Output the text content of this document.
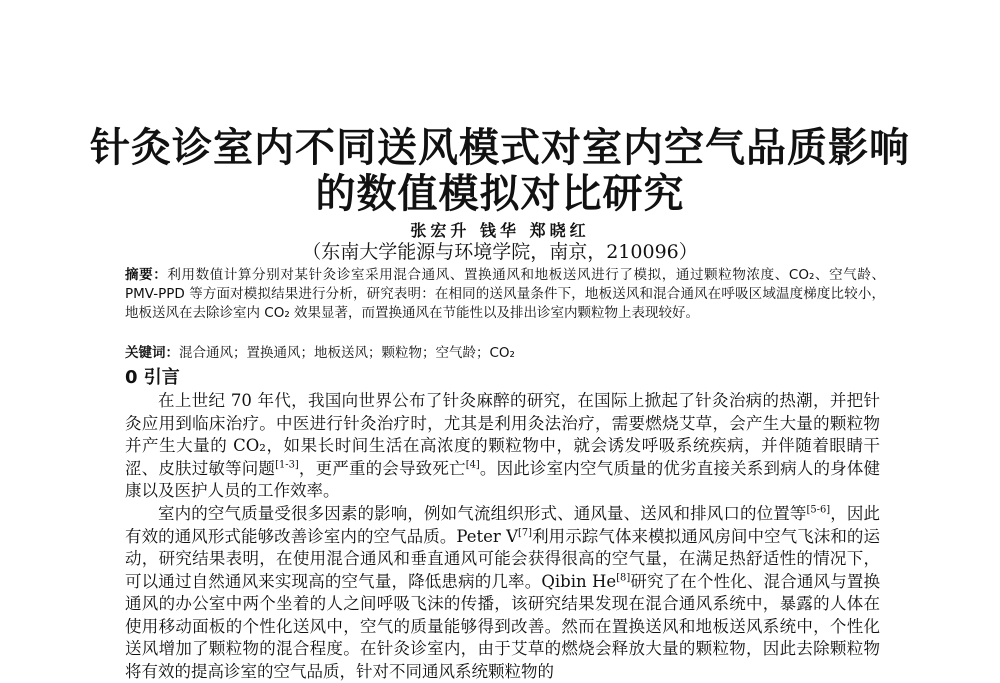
针灸诊室内不同送风模式对室内空气品质影响
的数值模拟对比研究
张宏升 钱华 郑晓红
（东南大学能源与环境学院，南京，210096）

摘要：利用数值计算分别对某针灸诊室采用混合通风、置换通风和地板送风进行了模拟，通过颗粒物浓度、CO₂、空气龄、PMV-PPD 等方面对模拟结果进行分析，研究表明：在相同的送风量条件下，地板送风和混合通风在呼吸区域温度梯度比较小，地板送风在去除诊室内 CO₂ 效果显著，而置换通风在节能性以及排出诊室内颗粒物上表现较好。

关键词：混合通风；置换通风；地板送风；颗粒物；空气龄；CO₂

0 引言

在上世纪 70 年代，我国向世界公布了针灸麻醉的研究，在国际上掀起了针灸治病的热潮，并把针灸应用到临床治疗。中医进行针灸治疗时，尤其是利用灸法治疗，需要燃烧艾草，会产生大量的颗粒物并产生大量的 CO₂，如果长时间生活在高浓度的颗粒物中，就会诱发呼吸系统疾病，并伴随着眼睛干涩、皮肤过敏等问题[1-3]，更严重的会导致死亡[4]。因此诊室内空气质量的优劣直接关系到病人的身体健康以及医护人员的工作效率。

室内的空气质量受很多因素的影响，例如气流组织形式、通风量、送风和排风口的位置等[5-6]，因此有效的通风形式能够改善诊室内的空气品质。Peter V[7]利用示踪气体来模拟通风房间中空气飞沫和的运动，研究结果表明，在使用混合通风和垂直通风可能会获得很高的空气量，在满足热舒适性的情况下，可以通过自然通风来实现高的空气量，降低患病的几率。Qibin He[8]研究了在个性化、混合通风与置换通风的办公室中两个坐着的人之间呼吸飞沫的传播，该研究结果发现在混合通风系统中，暴露的人体在使用移动面板的个性化送风中，空气的质量能够得到改善。然而在置换送风和地板送风系统中，个性化送风增加了颗粒物的混合程度。在针灸诊室内，由于艾草的燃烧会释放大量的颗粒物，因此去除颗粒物将有效的提高诊室的空气品质，针对不同通风系统颗粒物的
